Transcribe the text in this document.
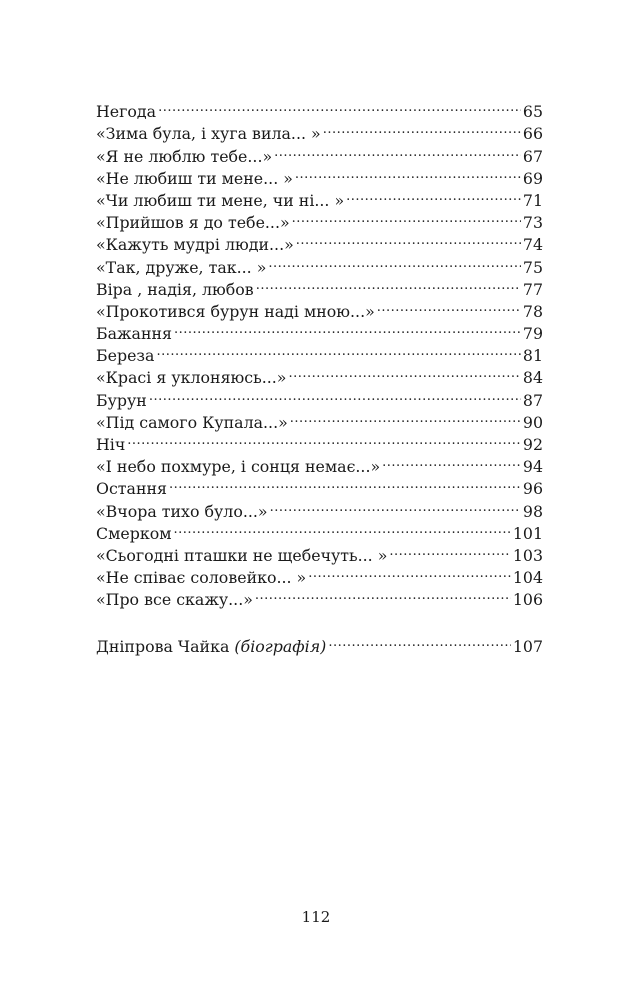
Негода .....	65
«Зима була, і хуга вила... » .....	66
«Я не люблю тебе...» .....	67
«Не любиш ти мене... » .....	69
«Чи любиш ти мене, чи ні... » .....	71
«Прийшов я до тебе...» .....	73
«Кажуть мудрі люди...» .....	74
«Так, друже, так... » .....	75
Віра , надія, любов .....	77
«Прокотився бурун наді мною...» .....	78
Бажання .....	79
Береза .....	81
«Красі я уклоняюсь...» .....	84
Бурун .....	87
«Під самого Купала...» .....	90
Ніч .....	92
«І небо похмуре, і сонця немає...» .....	94
Остання .....	96
«Вчора тихо було...» .....	98
Смерком .....	101
«Сьогодні пташки не щебечуть... » .....	103
«Не співає соловейко... » .....	104
«Про все скажу...» .....	106
Дніпрова Чайка (біографія) .....	107
112
